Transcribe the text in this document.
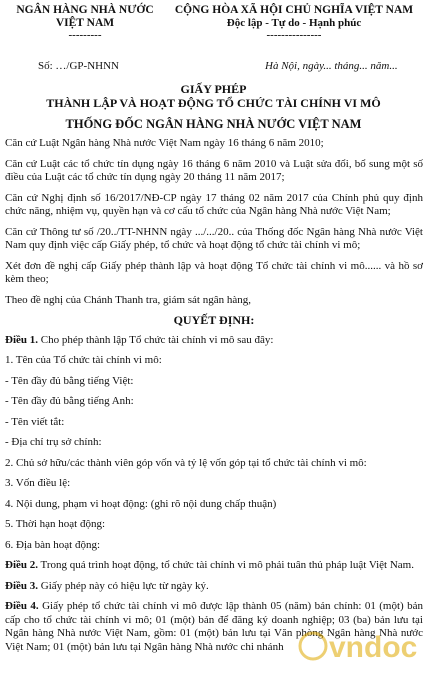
NGÂN HÀNG NHÀ NƯỚC
VIỆT NAM
---------
CỘNG HÒA XÃ HỘI CHỦ NGHĨA VIỆT NAM
Độc lập - Tự do - Hạnh phúc
---------------
Số: …/GP-NHNN	Hà Nội, ngày... tháng... năm...
GIẤY PHÉP
THÀNH LẬP VÀ HOẠT ĐỘNG TỔ CHỨC TÀI CHÍNH VI MÔ
THỐNG ĐỐC NGÂN HÀNG NHÀ NƯỚC VIỆT NAM

Căn cứ Luật Ngân hàng Nhà nước Việt Nam ngày 16 tháng 6 năm 2010;

Căn cứ Luật các tổ chức tín dụng ngày 16 tháng 6 năm 2010 và Luật sửa đổi, bổ sung một số điều của Luật các tổ chức tín dụng ngày 20 tháng 11 năm 2017;

Căn cứ Nghị định số 16/2017/NĐ-CP ngày 17 tháng 02 năm 2017 của Chính phủ quy định chức năng, nhiệm vụ, quyền hạn và cơ cấu tổ chức của Ngân hàng Nhà nước Việt Nam;

Căn cứ Thông tư số /20../TT-NHNN ngày .../.../20.. của Thống đốc Ngân hàng Nhà nước Việt Nam quy định việc cấp Giấy phép, tổ chức và hoạt động tổ chức tài chính vi mô;

Xét đơn đề nghị cấp Giấy phép thành lập và hoạt động Tổ chức tài chính vi mô...... và hồ sơ kèm theo;

Theo đề nghị của Chánh Thanh tra, giám sát ngân hàng,

QUYẾT ĐỊNH:

Điều 1. Cho phép thành lập Tổ chức tài chính vi mô sau đây:

1. Tên của Tổ chức tài chính vi mô:

- Tên đầy đủ bằng tiếng Việt:

- Tên đầy đủ bằng tiếng Anh:

- Tên viết tắt:

- Địa chỉ trụ sở chính:

2. Chủ sở hữu/các thành viên góp vốn và tỷ lệ vốn góp tại tổ chức tài chính vi mô:

3. Vốn điều lệ:

4. Nội dung, phạm vi hoạt động: (ghi rõ nội dung chấp thuận)

5. Thời hạn hoạt động:

6. Địa bàn hoạt động:

Điều 2. Trong quá trình hoạt động, tổ chức tài chính vi mô phải tuân thủ pháp luật Việt Nam.

Điều 3. Giấy phép này có hiệu lực từ ngày ký.

Điều 4. Giấy phép tổ chức tài chính vi mô được lập thành 05 (năm) bản chính: 01 (một) bản cấp cho tổ chức tài chính vi mô; 01 (một) bản để đăng ký doanh nghiệp; 03 (ba) bản lưu tại Ngân hàng Nhà nước Việt Nam, gồm: 01 (một) bản lưu tại Văn phòng Ngân hàng Nhà nước Việt Nam; 01 (một) bản lưu tại Ngân hàng Nhà nước chi nhánh	vndoc
